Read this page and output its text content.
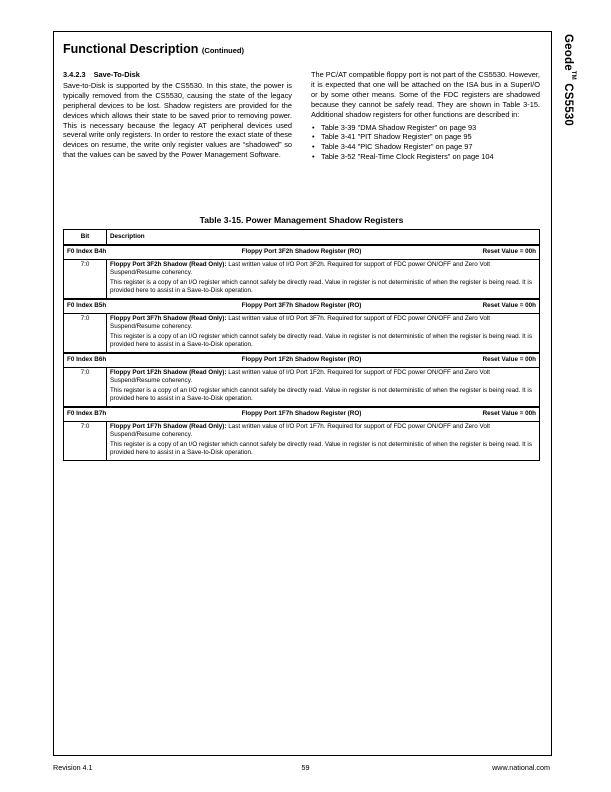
Geode™ CS5530
Functional Description (Continued)
3.4.2.3 Save-To-Disk

Save-to-Disk is supported by the CS5530. In this state, the power is typically removed from the CS5530, causing the state of the legacy peripheral devices to be lost. Shadow registers are provided for the devices which allows their state to be saved prior to removing power. This is necessary because the legacy AT peripheral devices used several write only registers. In order to restore the exact state of these devices on resume, the write only register values are “shadowed” so that the values can be saved by the Power Management Software.

The PC/AT compatible floppy port is not part of the CS5530. However, it is expected that one will be attached on the ISA bus in a SuperI/O or by some other means. Some of the FDC registers are shadowed because they cannot be safely read. They are shown in Table 3-15. Additional shadow registers for other functions are described in:

• Table 3-39 "DMA Shadow Register" on page 93
• Table 3-41 "PIT Shadow Register" on page 95
• Table 3-44 "PIC Shadow Register" on page 97
• Table 3-52 "Real-Time Clock Registers" on page 104
Table 3-15. Power Management Shadow Registers
Bit	Description

F0 Index B4h Floppy Port 3F2h Shadow Register (RO) Reset Value = 00h	

7:0	Floppy Port 3F2h Shadow (Read Only): Last written value of I/O Port 3F2h. Required for support of FDC power ON/OFF and Zero Volt Suspend/Resume coherency.

This register is a copy of an I/O register which cannot safely be directly read. Value in register is not deterministic of when the register is being read. It is provided here to assist in a Save-to-Disk operation.

F0 Index B5h Floppy Port 3F7h Shadow Register (RO) Reset Value = 00h	

7:0	Floppy Port 3F7h Shadow (Read Only): Last written value of I/O Port 3F7h. Required for support of FDC power ON/OFF and Zero Volt Suspend/Resume coherency.

This register is a copy of an I/O register which cannot safely be directly read. Value in register is not deterministic of when the register is being read. It is provided here to assist in a Save-to-Disk operation.

F0 Index B6h Floppy Port 1F2h Shadow Register (RO) Reset Value = 00h	

7:0	Floppy Port 1F2h Shadow (Read Only): Last written value of I/O Port 1F2h. Required for support of FDC power ON/OFF and Zero Volt Suspend/Resume coherency.

This register is a copy of an I/O register which cannot safely be directly read. Value in register is not deterministic of when the register is being read. It is provided here to assist in a Save-to-Disk operation.

F0 Index B7h Floppy Port 1F7h Shadow Register (RO) Reset Value = 00h	

7:0	Floppy Port 1F7h Shadow (Read Only): Last written value of I/O Port 1F7h. Required for support of FDC power ON/OFF and Zero Volt Suspend/Resume coherency.

This register is a copy of an I/O register which cannot safely be directly read. Value in register is not deterministic of when the register is being read. It is provided here to assist in a Save-to-Disk operation.

Revision 4.1	59	www.national.com
